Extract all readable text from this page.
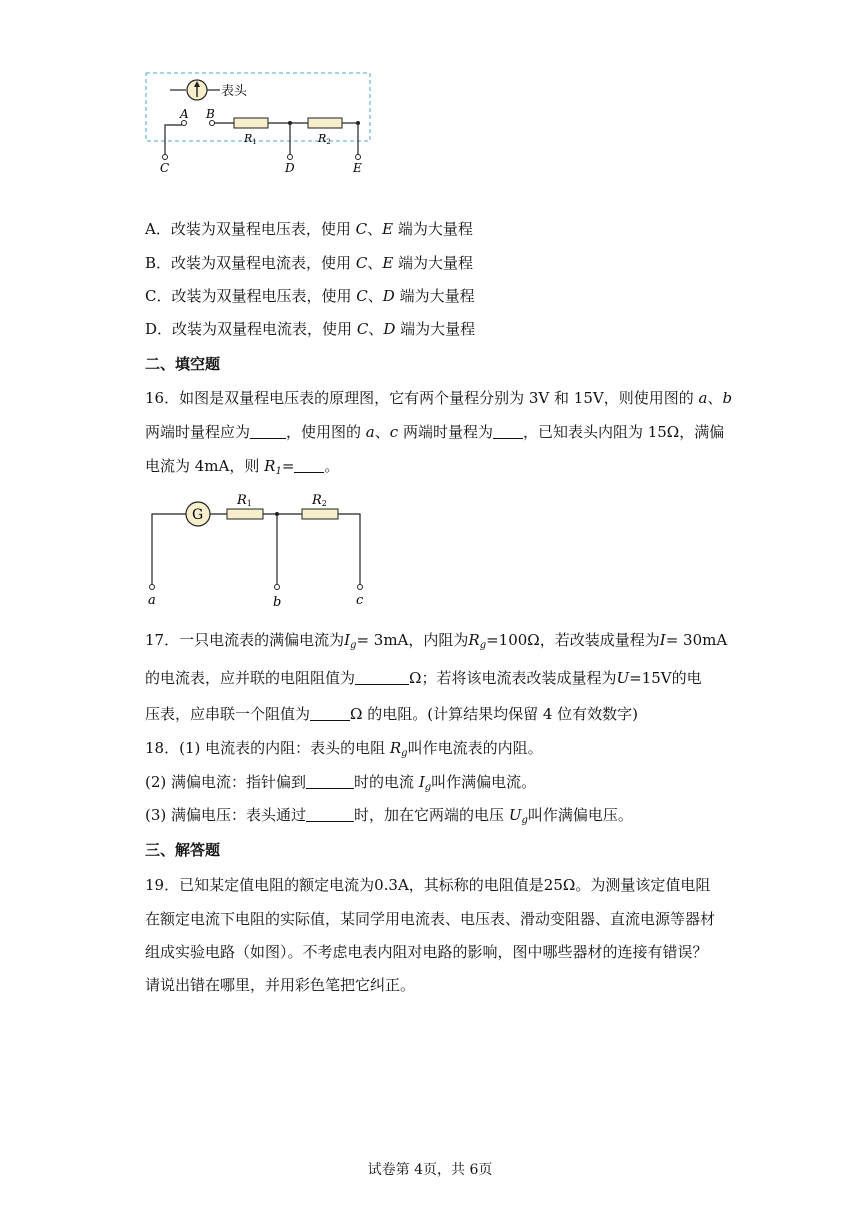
表头
A
C
B
R1
D
R2
E
A．改装为双量程电压表，使用 C、E 端为大量程
B．改装为双量程电流表，使用 C、E 端为大量程
C．改装为双量程电压表，使用 C、D 端为大量程
D．改装为双量程电流表，使用 C、D 端为大量程
二、填空题
16．如图是双量程电压表的原理图，它有两个量程分别为 3V 和 15V，则使用图的 a、b
两端时量程应为 ，使用图的 a、c 两端时量程为 ，已知表头内阻为 15Ω，满偏
电流为 4mA，则 $R_1=$ 。
G
R1	R2
a	b	c
17．一只电流表的满偏电流为$I_g= 3mA$，内阻为$R_g=100\Omega$，若改装成量程为I= 30mA
的电流表，应并联的电阻阻值为	Ω；若将该电流表改装成量程为U=15V的电
压表，应串联一个阻值为	Ω 的电阻。(计算结果均保留 4 位有效数字)
18．(1) 电流表的内阻：表头的电阻 $R_g$叫作电流表的内阻。
(2) 满偏电流：指针偏到	时的电流 $I_g$叫作满偏电流。
(3) 满偏电压：表头通过	时，加在它两端的电压 $U_g$叫作满偏电压。
三、解答题
19．已知某定值电阻的额定电流为0.3A，其标称的电阻值是25Ω。为测量该定值电阻
在额定电流下电阻的实际值，某同学用电流表、电压表、滑动变阻器、直流电源等器材
组成实验电路（如图）。不考虑电表内阻对电路的影响，图中哪些器材的连接有错误？
请说出错在哪里，并用彩色笔把它纠正。
试卷第 4页，共 6页
